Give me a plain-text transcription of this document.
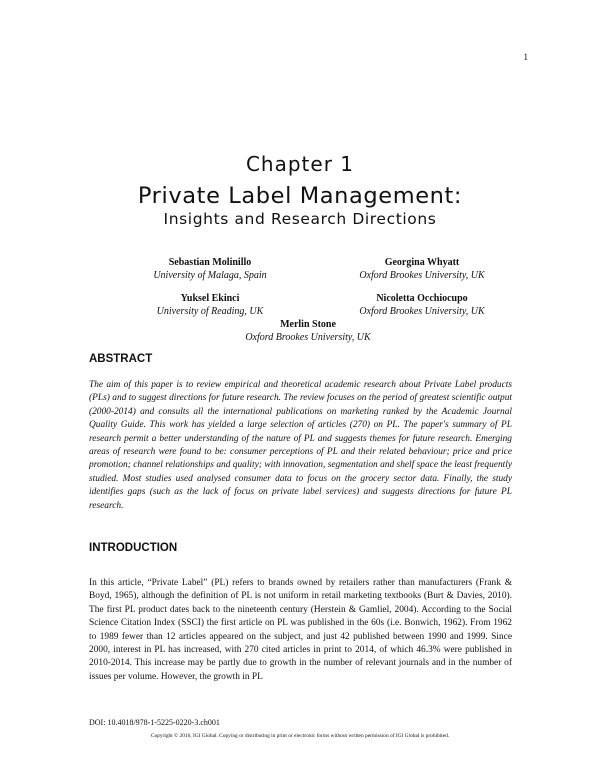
1
Chapter 1
Private Label Management:
Insights and Research Directions
Sebastian Molinillo
University of Malaga, Spain
Georgina Whyatt
Oxford Brookes University, UK
Yuksel Ekinci
University of Reading, UK
Nicoletta Occhiocupo
Oxford Brookes University, UK
Merlin Stone
Oxford Brookes University, UK
ABSTRACT
The aim of this paper is to review empirical and theoretical academic research about Private Label products (PLs) and to suggest directions for future research. The review focuses on the period of greatest scientific output (2000-2014) and consults all the international publications on marketing ranked by the Academic Journal Quality Guide. This work has yielded a large selection of articles (270) on PL. The paper's summary of PL research permit a better understanding of the nature of PL and suggests themes for future research. Emerging areas of research were found to be: consumer perceptions of PL and their related behaviour; price and price promotion; channel relationships and quality; with innovation, segmentation and shelf space the least frequently studied. Most studies used analysed consumer data to focus on the grocery sector data. Finally, the study identifies gaps (such as the lack of focus on private label services) and suggests directions for future PL research.
INTRODUCTION
In this article, “Private Label” (PL) refers to brands owned by retailers rather than manufacturers (Frank & Boyd, 1965), although the definition of PL is not uniform in retail marketing textbooks (Burt & Davies, 2010). The first PL product dates back to the nineteenth century (Herstein & Gamliel, 2004). According to the Social Science Citation Index (SSCI) the first article on PL was published in the 60s (i.e. Bonwich, 1962). From 1962 to 1989 fewer than 12 articles appeared on the subject, and just 42 published between 1990 and 1999. Since 2000, interest in PL has increased, with 270 cited articles in print to 2014, of which 46.3% were published in 2010-2014. This increase may be partly due to growth in the number of relevant journals and in the number of issues per volume. However, the growth in PL
DOI: 10.4018/978-1-5225-0220-3.ch001
Copyright © 2016, IGI Global. Copying or distributing in print or electronic forms without written permission of IGI Global is prohibited.
